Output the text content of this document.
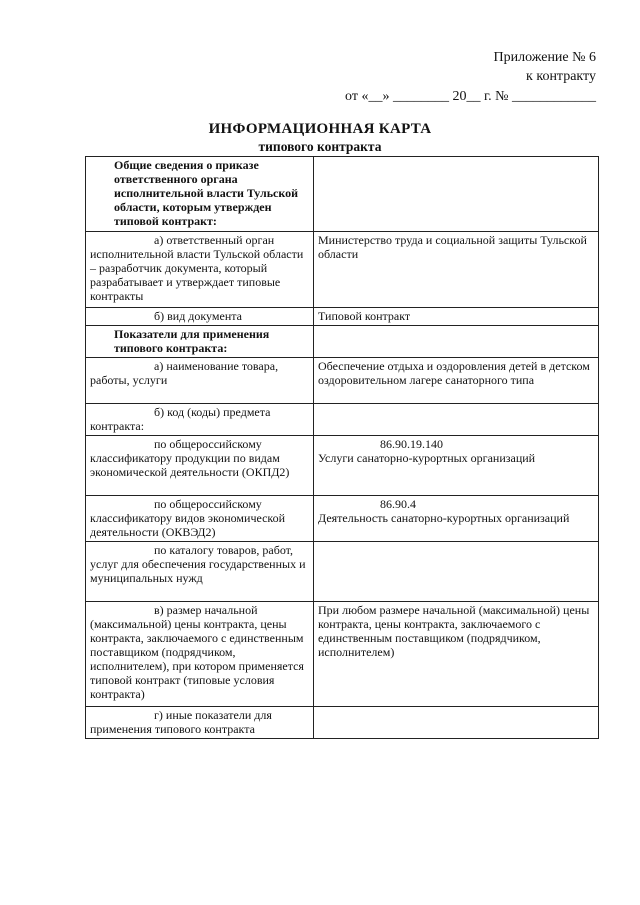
Приложение № 6
к контракту
от «__» ________ 20__ г. № ____________
ИНФОРМАЦИОННАЯ КАРТА
типового контракта
Общие сведения о приказе ответственного органа исполнительной власти Тульской области, которым утвержден типовой контракт:	
а) ответственный орган исполнительной власти Тульской области – разработчик документа, который разрабатывает и утверждает типовые контракты	Министерство труда и социальной защиты Тульской области
б) вид документа	Типовой контракт
Показатели для применения типового контракта:	
а) наименование товара, работы, услуги	Обеспечение отдыха и оздоровления детей в детском оздоровительном лагере санаторного типа
б) код (коды) предмета контракта:	
по общероссийскому классификатору продукции по видам экономической деятельности (ОКПД2)	86.90.19.140
Услуги санаторно-курортных организаций
по общероссийскому классификатору видов экономической деятельности (ОКВЭД2)	86.90.4
Деятельность санаторно-курортных организаций
по каталогу товаров, работ, услуг для обеспечения государственных и муниципальных нужд	
в) размер начальной (максимальной) цены контракта, цены контракта, заключаемого с единственным поставщиком (подрядчиком, исполнителем), при котором применяется типовой контракт (типовые условия контракта)	При любом размере начальной (максимальной) цены контракта, цены контракта, заключаемого с единственным поставщиком (подрядчиком, исполнителем)
г) иные показатели для применения типового контракта	
